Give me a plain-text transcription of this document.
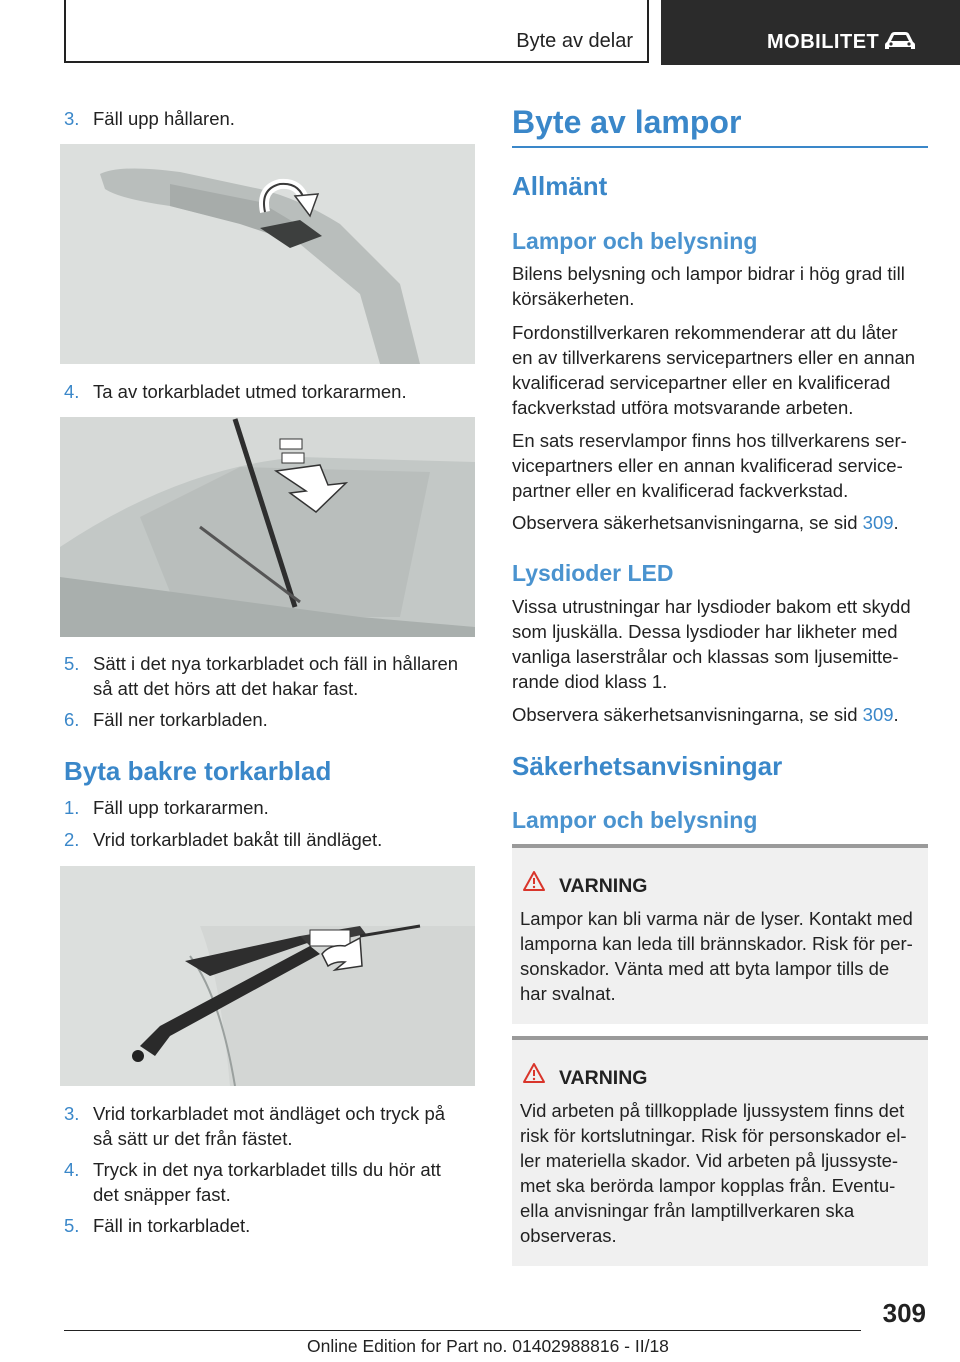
Byte av delar	MOBILITET
3. Fäll upp hållaren.
4. Ta av torkarbladet utmed torkararmen.
5. Sätt i det nya torkarbladet och fäll in hållaren
så att det hörs att det hakar fast.
6. Fäll ner torkarbladen.
Byta bakre torkarblad
1. Fäll upp torkararmen.
2. Vrid torkarbladet bakåt till ändläget.
3. Vrid torkarbladet mot ändläget och tryck på
så sätt ur det från fästet.
4. Tryck in det nya torkarbladet tills du hör att
det snäpper fast.
5. Fäll in torkarbladet.
Byte av lampor
Allmänt
Lampor och belysning
Bilens belysning och lampor bidrar i hög grad till
körsäkerheten.
Fordonstillverkaren rekommenderar att du låter
en av tillverkarens servicepartners eller en annan
kvalificerad servicepartner eller en kvalificerad
fackverkstad utföra motsvarande arbeten.
En sats reservlampor finns hos tillverkarens ser‐
vicepartners eller en annan kvalificerad service‐
partner eller en kvalificerad fackverkstad.
Observera säkerhetsanvisningarna, se sid 309.
Lysdioder LED
Vissa utrustningar har lysdioder bakom ett skydd
som ljuskälla. Dessa lysdioder har likheter med
vanliga laserstrålar och klassas som ljusemitte‐
rande diod klass 1.
Observera säkerhetsanvisningarna, se sid 309.
Säkerhetsanvisningar
Lampor och belysning
VARNING
Lampor kan bli varma när de lyser. Kontakt med
lamporna kan leda till brännskador. Risk för per‐
sonskador. Vänta med att byta lampor tills de
har svalnat.
VARNING
Vid arbeten på tillkopplade ljussystem finns det
risk för kortslutningar. Risk för personskador el‐
ler materiella skador. Vid arbeten på ljussyste‐
met ska berörda lampor kopplas från. Eventu‐
ella anvisningar från lamptillverkaren ska
observeras.
309
Online Edition for Part no. 01402988816 - II/18
